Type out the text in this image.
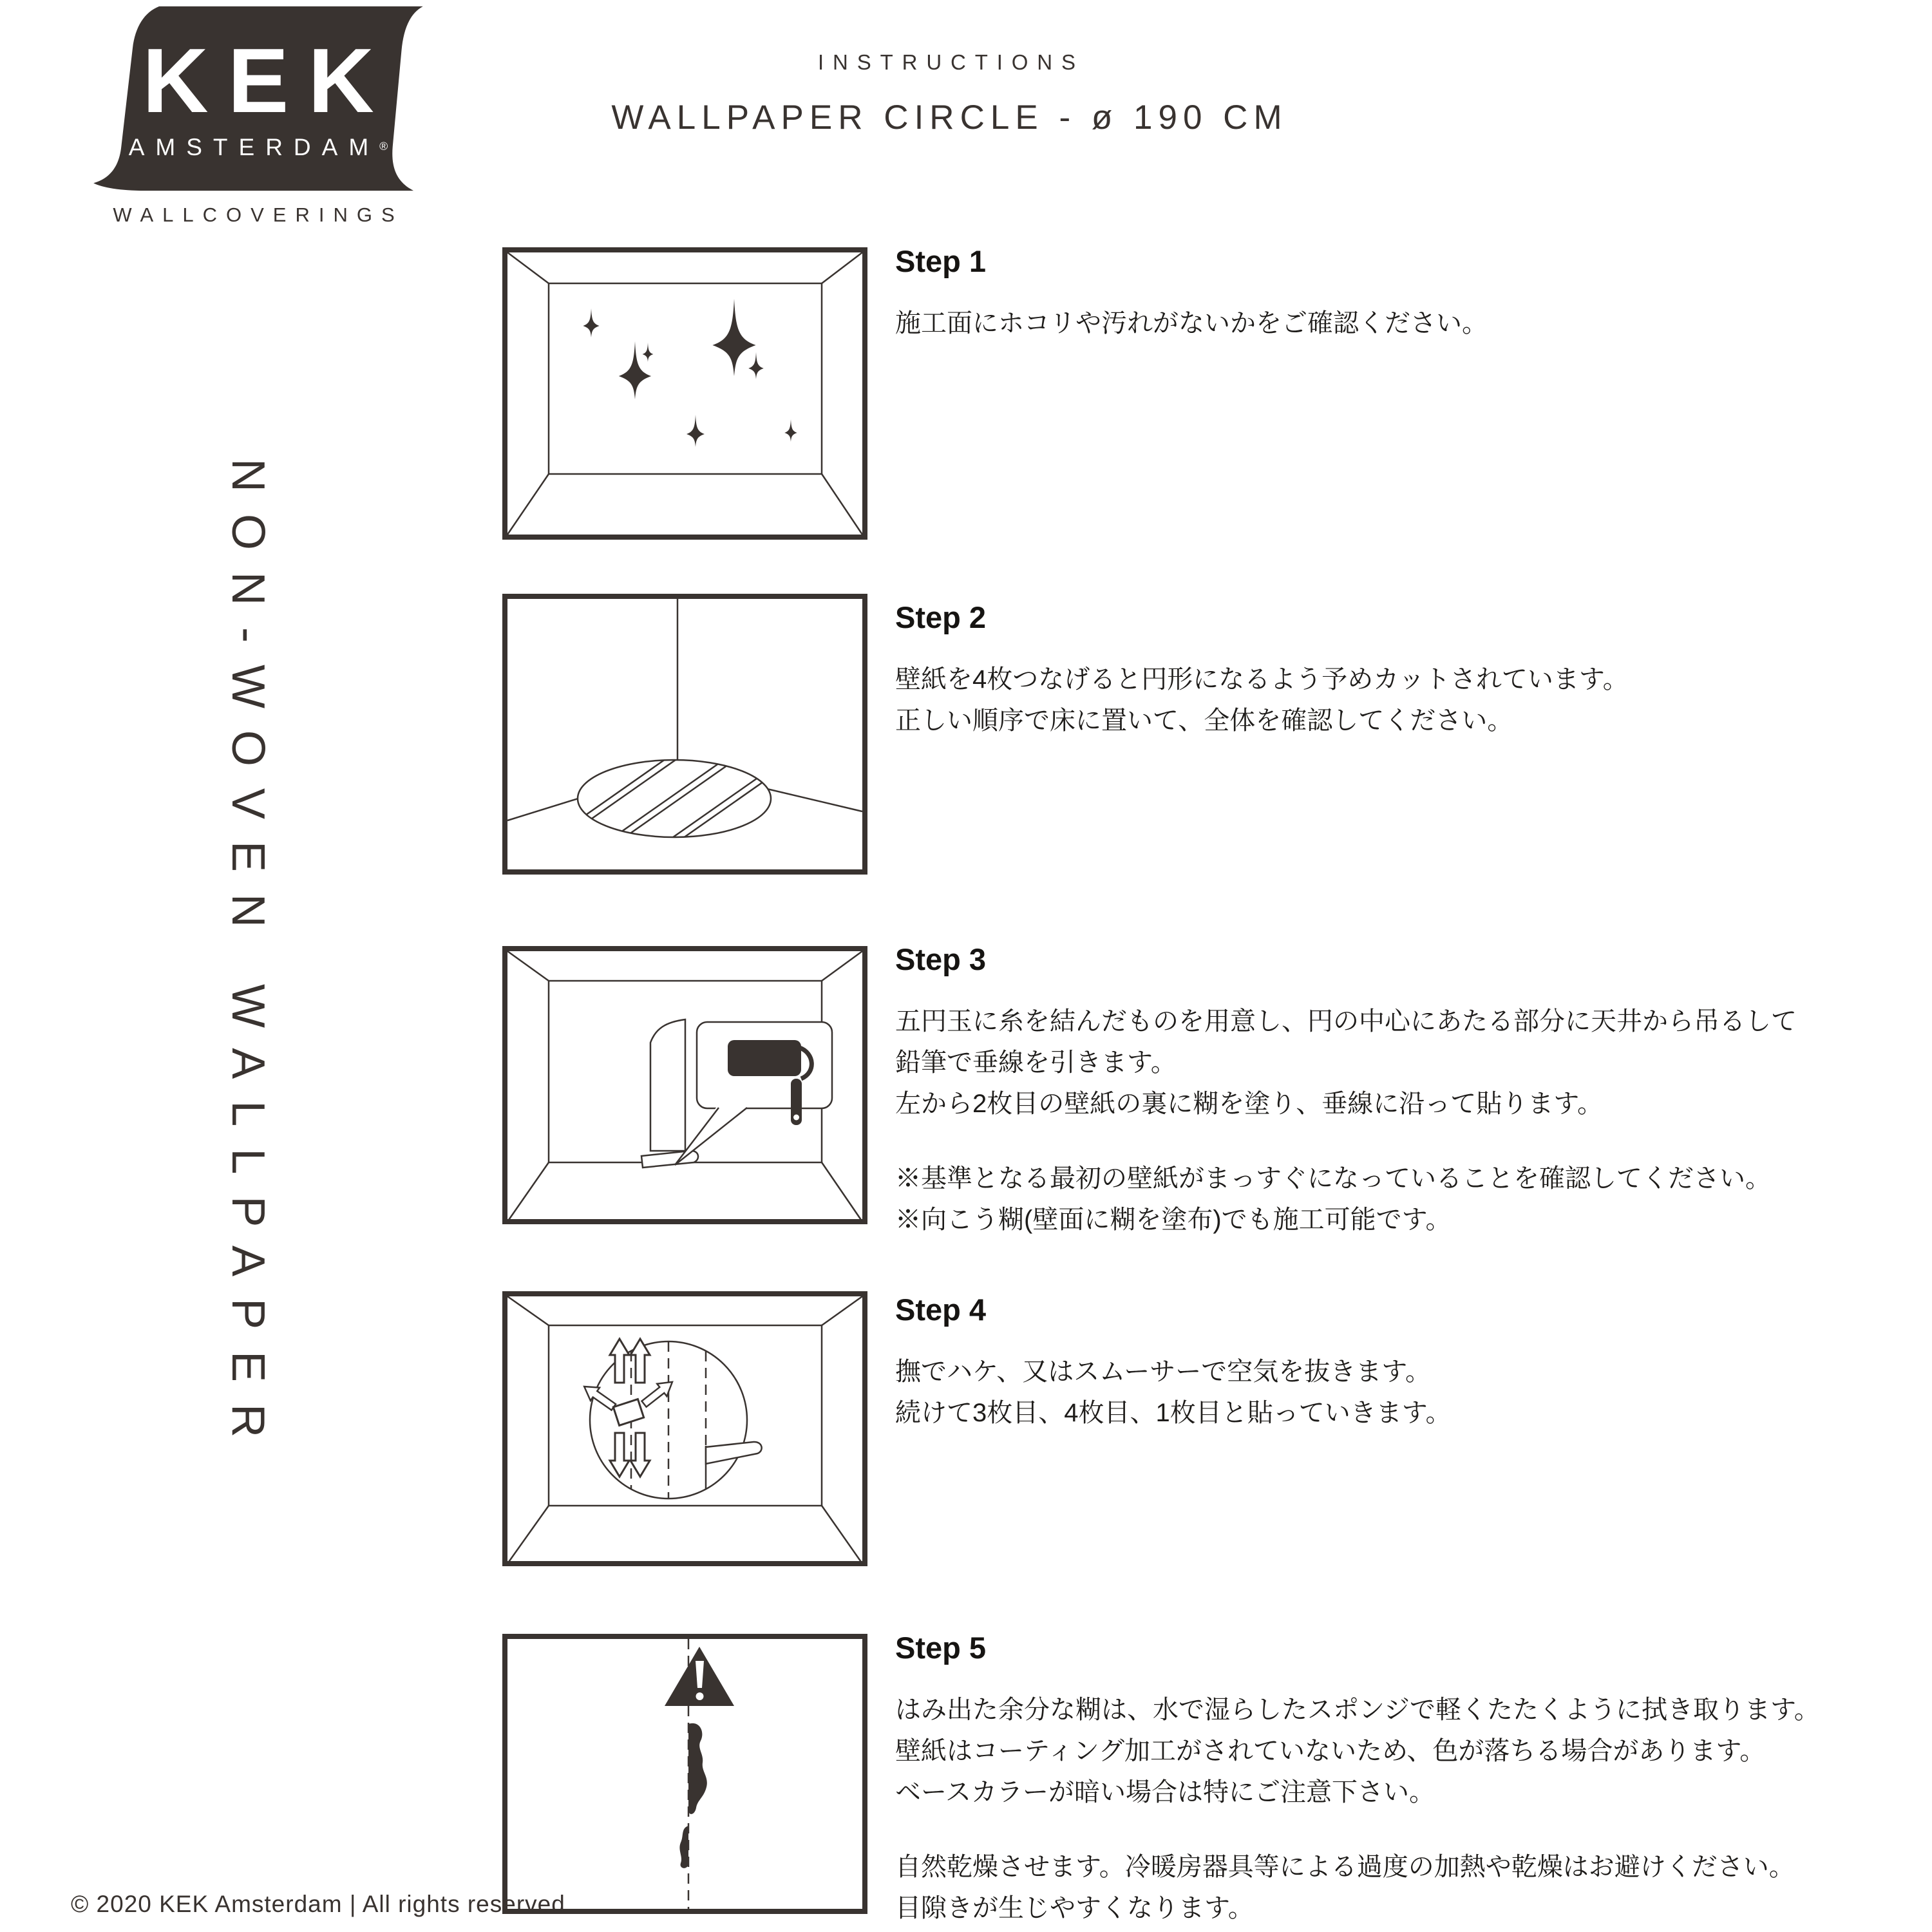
KEK
AMSTERDAM®
WALLCOVERINGS
INSTRUCTIONS
WALLPAPER CIRCLE - ø 190 CM
NON-WOVEN WALLPAPER
Step 1

施工面にホコリや汚れがないかをご確認ください。

Step 2

壁紙を4枚つなげると円形になるよう予めカットされています。

正しい順序で床に置いて、全体を確認してください。

Step 3

五円玉に糸を結んだものを用意し、円の中心にあたる部分に天井から吊るして

鉛筆で垂線を引きます。

左から2枚目の壁紙の裏に糊を塗り、垂線に沿って貼ります。

※基準となる最初の壁紙がまっすぐになっていることを確認してください。

※向こう糊(壁面に糊を塗布)でも施工可能です。

Step 4

撫でハケ、又はスムーサーで空気を抜きます。

続けて3枚目、4枚目、1枚目と貼っていきます。

Step 5

はみ出た余分な糊は、水で湿らしたスポンジで軽くたたくように拭き取ります。

壁紙はコーティング加工がされていないため、色が落ちる場合があります。

ベースカラーが暗い場合は特にご注意下さい。

自然乾燥させます。冷暖房器具等による過度の加熱や乾燥はお避けください。

目隙きが生じやすくなります。

© 2020 KEK Amsterdam | All rights reserved
